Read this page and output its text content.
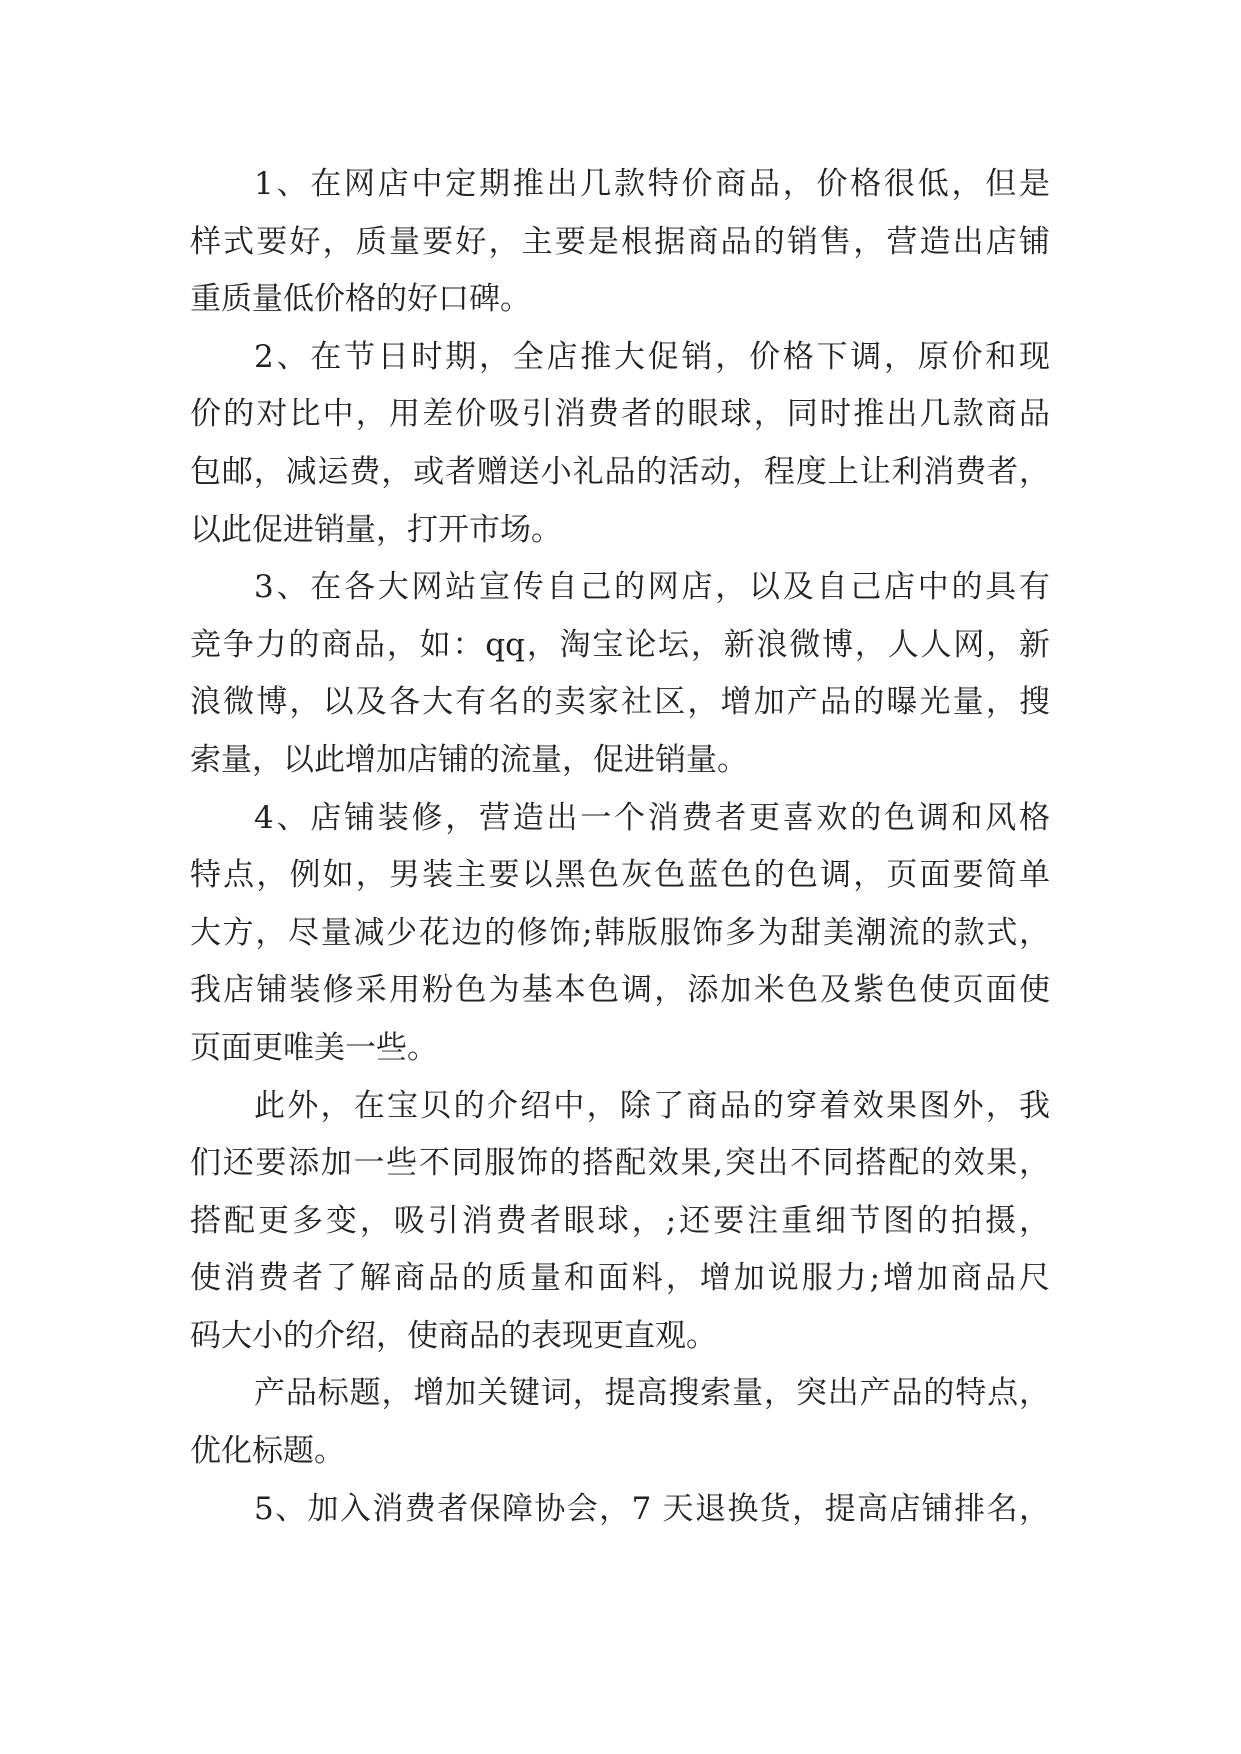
1、在网店中定期推出几款特价商品，价格很低，但是
样式要好，质量要好，主要是根据商品的销售，营造出店铺
重质量低价格的好口碑。
2、在节日时期，全店推大促销，价格下调，原价和现
价的对比中，用差价吸引消费者的眼球，同时推出几款商品
包邮，减运费，或者赠送小礼品的活动，程度上让利消费者，
以此促进销量，打开市场。
3、在各大网站宣传自己的网店，以及自己店中的具有
竞争力的商品，如：qq，淘宝论坛，新浪微博，人人网，新
浪微博，以及各大有名的卖家社区，增加产品的曝光量，搜
索量，以此增加店铺的流量，促进销量。
4、店铺装修，营造出一个消费者更喜欢的色调和风格
特点，例如，男装主要以黑色灰色蓝色的色调，页面要简单
大方，尽量减少花边的修饰;韩版服饰多为甜美潮流的款式，
我店铺装修采用粉色为基本色调，添加米色及紫色使页面使
页面更唯美一些。
此外，在宝贝的介绍中，除了商品的穿着效果图外，我
们还要添加一些不同服饰的搭配效果,突出不同搭配的效果，
搭配更多变，吸引消费者眼球，;还要注重细节图的拍摄，
使消费者了解商品的质量和面料，增加说服力;增加商品尺
码大小的介绍，使商品的表现更直观。
产品标题，增加关键词，提高搜索量，突出产品的特点，
优化标题。
5、加入消费者保障协会，7 天退换货，提高店铺排名，
